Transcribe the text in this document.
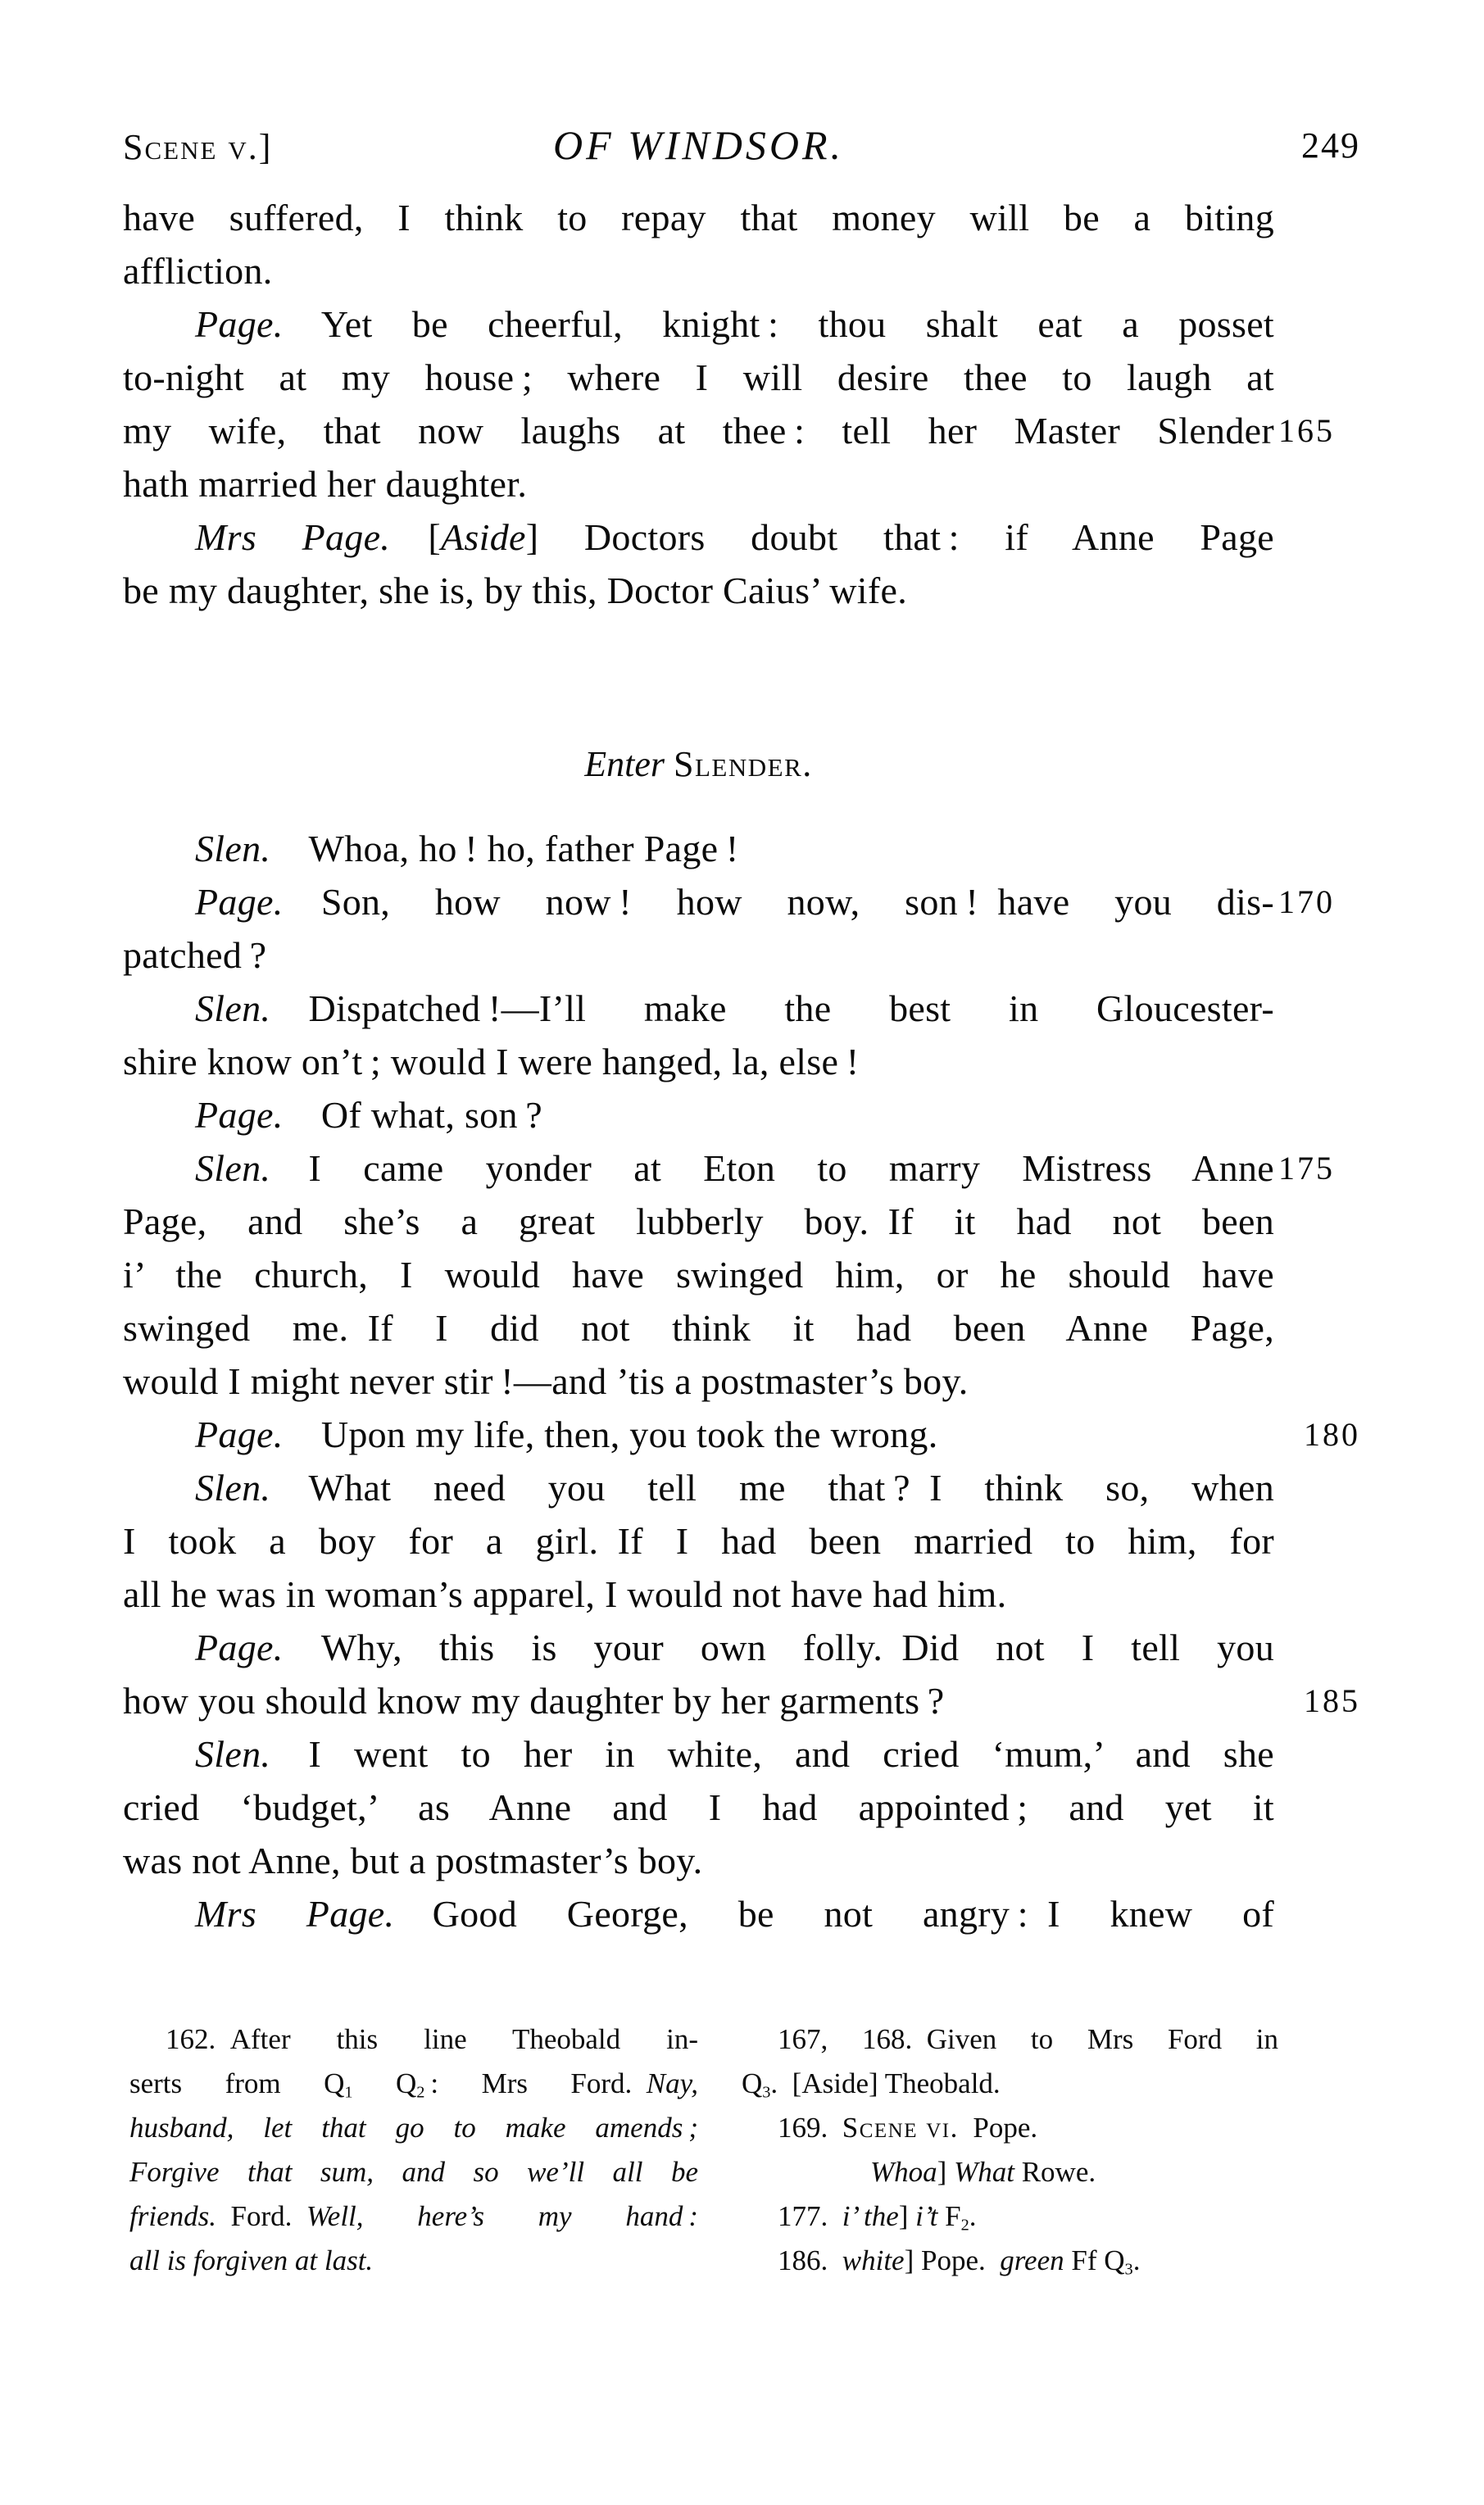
Scene v.]	OF WINDSOR.	249
have suffered, I think to repay that money will be a biting
affliction.
Page. Yet be cheerful, knight : thou shalt eat a posset
to-night at my house ; where I will desire thee to laugh at
my wife, that now laughs at thee : tell her Master Slender 165
hath married her daughter.
Mrs Page. [Aside] Doctors doubt that : if Anne Page
be my daughter, she is, by this, Doctor Caius’ wife.
Enter Slender.
Slen. Whoa, ho ! ho, father Page !
Page. Son, how now ! how now, son ! have you dis- 170
patched ?
Slen. Dispatched !—I’ll make the best in Gloucester-
shire know on’t ; would I were hanged, la, else !
Page. Of what, son ?
Slen. I came yonder at Eton to marry Mistress Anne 175
Page, and she’s a great lubberly boy. If it had not been
i’ the church, I would have swinged him, or he should have
swinged me. If I did not think it had been Anne Page,
would I might never stir !—and ’tis a postmaster’s boy.
Page. Upon my life, then, you took the wrong.	180
Slen. What need you tell me that ? I think so, when
I took a boy for a girl. If I had been married to him, for
all he was in woman’s apparel, I would not have had him.
Page. Why, this is your own folly. Did not I tell you
how you should know my daughter by her garments ?	185
Slen. I went to her in white, and cried ‘mum,’ and she
cried ‘budget,’ as Anne and I had appointed ; and yet it
was not Anne, but a postmaster’s boy.
Mrs Page. Good George, be not angry : I knew of
162. After this line Theobald in-
serts from $Q_1$ $Q_2$ : Mrs Ford. Nay,
husband, let that go to make amends ;
Forgive that sum, and so we’ll all be
friends. Ford. Well, here’s my hand :
all is forgiven at last.
167, 168. Given to Mrs Ford in
$Q_3$. [Aside] Theobald.
169. Scene vi. Pope.
Whoa] What Rowe.
177. i’ the] i’t $F_2$.
186. white] Pope. green Ff $Q_3$.
